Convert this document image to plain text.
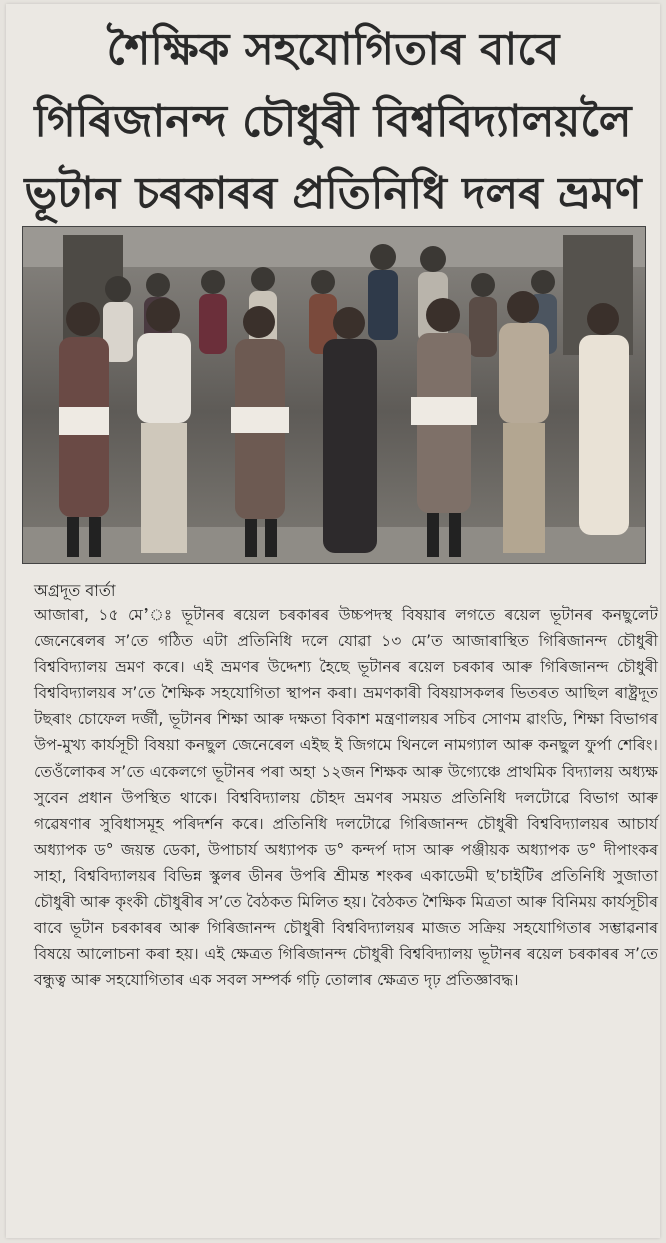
শৈক্ষিক সহযোগিতাৰ বাবে
গিৰিজানন্দ চৌধুৰী বিশ্ববিদ্যালয়লৈ
ভূটান চৰকাৰৰ প্ৰতিনিধি দলৰ ভ্ৰমণ

অগ্ৰদূত বাৰ্তা

আজাৰা, ১৫ মে’ঃ ভূটানৰ ৰয়েল চৰকাৰৰ উচ্চপদস্থ বিষয়াৰ লগতে ৰয়েল ভূটানৰ কনছুলেট জেনেৰেলৰ স’তে গঠিত এটা প্ৰতিনিধি দলে যোৱা ১৩ মে’ত আজাৰাস্থিত গিৰিজানন্দ চৌধুৰী বিশ্ববিদ্যালয় ভ্ৰমণ কৰে। এই ভ্ৰমণৰ উদ্দেশ্য হৈছে ভূটানৰ ৰয়েল চৰকাৰ আৰু গিৰিজানন্দ চৌধুৰী বিশ্ববিদ্যালয়ৰ স’তে শৈক্ষিক সহযোগিতা স্থাপন কৰা। ভ্ৰমণকাৰী বিষয়াসকলৰ ভিতৰত আছিল ৰাষ্ট্ৰদূত টছৰাং চোফেল দৰ্জী, ভূটানৰ শিক্ষা আৰু দক্ষতা বিকাশ মন্ত্ৰণালয়ৰ সচিব সোণম ৱাংডি, শিক্ষা বিভাগৰ উপ-মুখ্য কাৰ্যসূচী বিষয়া কনছুল জেনেৰেল এইছ ই জিগমে থিনলে নামগ্যাল আৰু কনছুল ফুৰ্পা শেৰিং। তেওঁলোকৰ স’তে একেলগে ভূটানৰ পৰা অহা ১২জন শিক্ষক আৰু উগ্যেঞ্চে প্ৰাথমিক বিদ্যালয় অধ্যক্ষ সুবেন প্ৰধান উপস্থিত থাকে। বিশ্ববিদ্যালয় চৌহদ ভ্ৰমণৰ সময়ত প্ৰতিনিধি দলটোৱে বিভাগ আৰু গৱেষণাৰ সুবিধাসমূহ পৰিদৰ্শন কৰে। প্ৰতিনিধি দলটোৱে গিৰিজানন্দ চৌধুৰী বিশ্ববিদ্যালয়ৰ আচাৰ্য অধ্যাপক ড° জয়ন্ত ডেকা, উপাচাৰ্য অধ্যাপক ড° কন্দৰ্প দাস আৰু পঞ্জীয়ক অধ্যাপক ড° দীপাংকৰ সাহা, বিশ্ববিদ্যালয়ৰ বিভিন্ন স্কুলৰ ডীনৰ উপৰি শ্ৰীমন্ত শংকৰ একাডেমী ছ’চাইটিৰ প্ৰতিনিধি সুজাতা চৌধুৰী আৰু কৃংকী চৌধুৰীৰ স’তে বৈঠকত মিলিত হয়। বৈঠকত শৈক্ষিক মিত্ৰতা আৰু বিনিময় কাৰ্যসূচীৰ বাবে ভূটান চৰকাৰৰ আৰু গিৰিজানন্দ চৌধুৰী বিশ্ববিদ্যালয়ৰ মাজত সক্ৰিয় সহযোগিতাৰ সম্ভাৱনাৰ বিষয়ে আলোচনা কৰা হয়। এই ক্ষেত্ৰত গিৰিজানন্দ চৌধুৰী বিশ্ববিদ্যালয় ভূটানৰ ৰয়েল চৰকাৰৰ স’তে বন্ধুত্ব আৰু সহযোগিতাৰ এক সবল সম্পৰ্ক গঢ়ি তোলাৰ ক্ষেত্ৰত দৃঢ় প্ৰতিজ্ঞাবদ্ধ।
